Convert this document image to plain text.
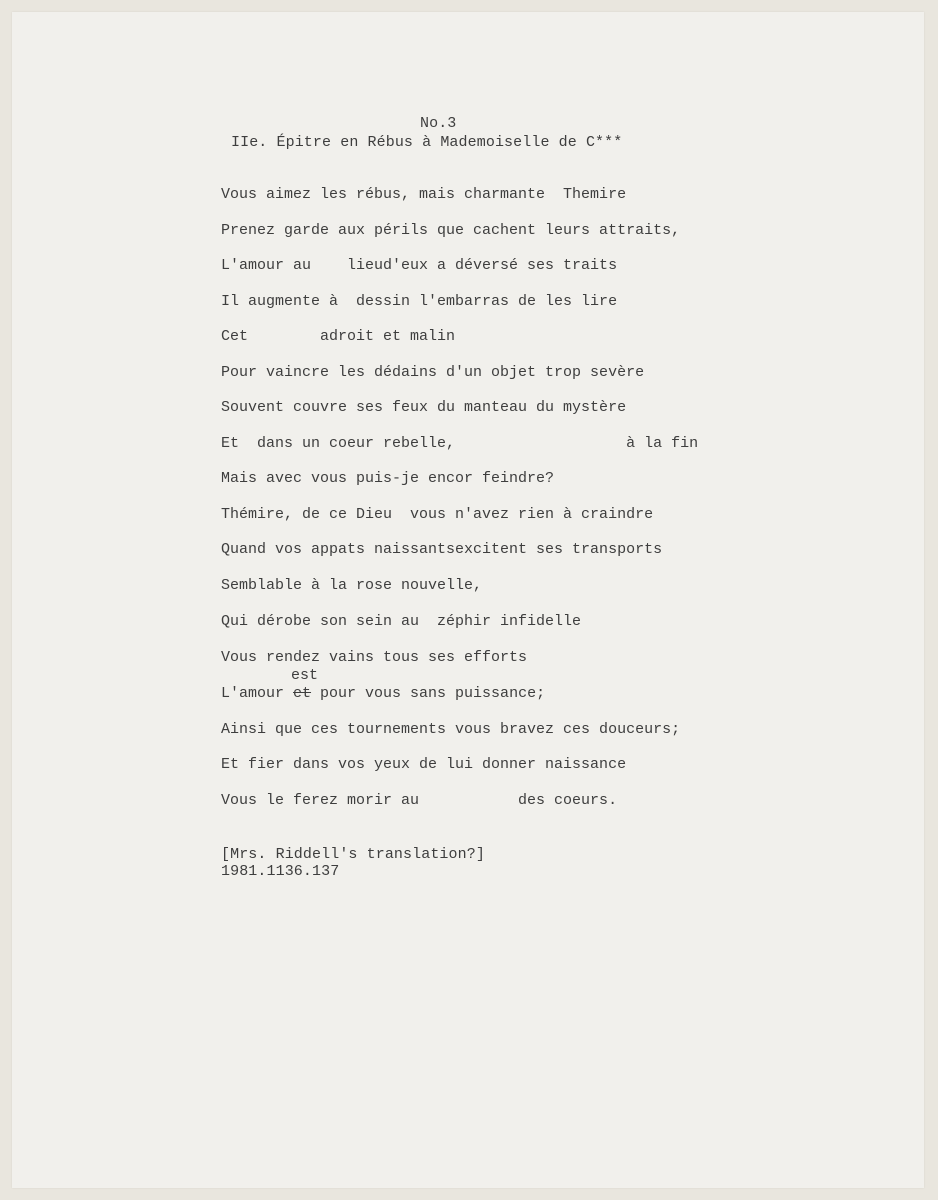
No.3
IIe. Épitre en Rébus à Mademoiselle de C***
Vous aimez les rébus, mais charmante  Themire
Prenez garde aux périls que cachent leurs attraits,
L'amour au    lieud'eux a déversé ses traits
Il augmente à  dessin l'embarras de les lire
Cet        adroit et malin
Pour vaincre les dédains d'un objet trop sevère
Souvent couvre ses feux du manteau du mystère
Et  dans un coeur rebelle,                   à la fin
Mais avec vous puis-je encor feindre?
Thémire, de ce Dieu  vous n'avez rien à craindre
Quand vos appats naissantsexcitent ses transports
Semblable à la rose nouvelle,
Qui dérobe son sein au  zéphir infidelle
Vous rendez vains tous ses efforts
L'amour et pour vous sans puissance;
Ainsi que ces tournements vous bravez ces douceurs;
Et fier dans vos yeux de lui donner naissance
Vous le ferez morir au           des coeurs.
est
[Mrs. Riddell's translation?]
1981.1136.137
